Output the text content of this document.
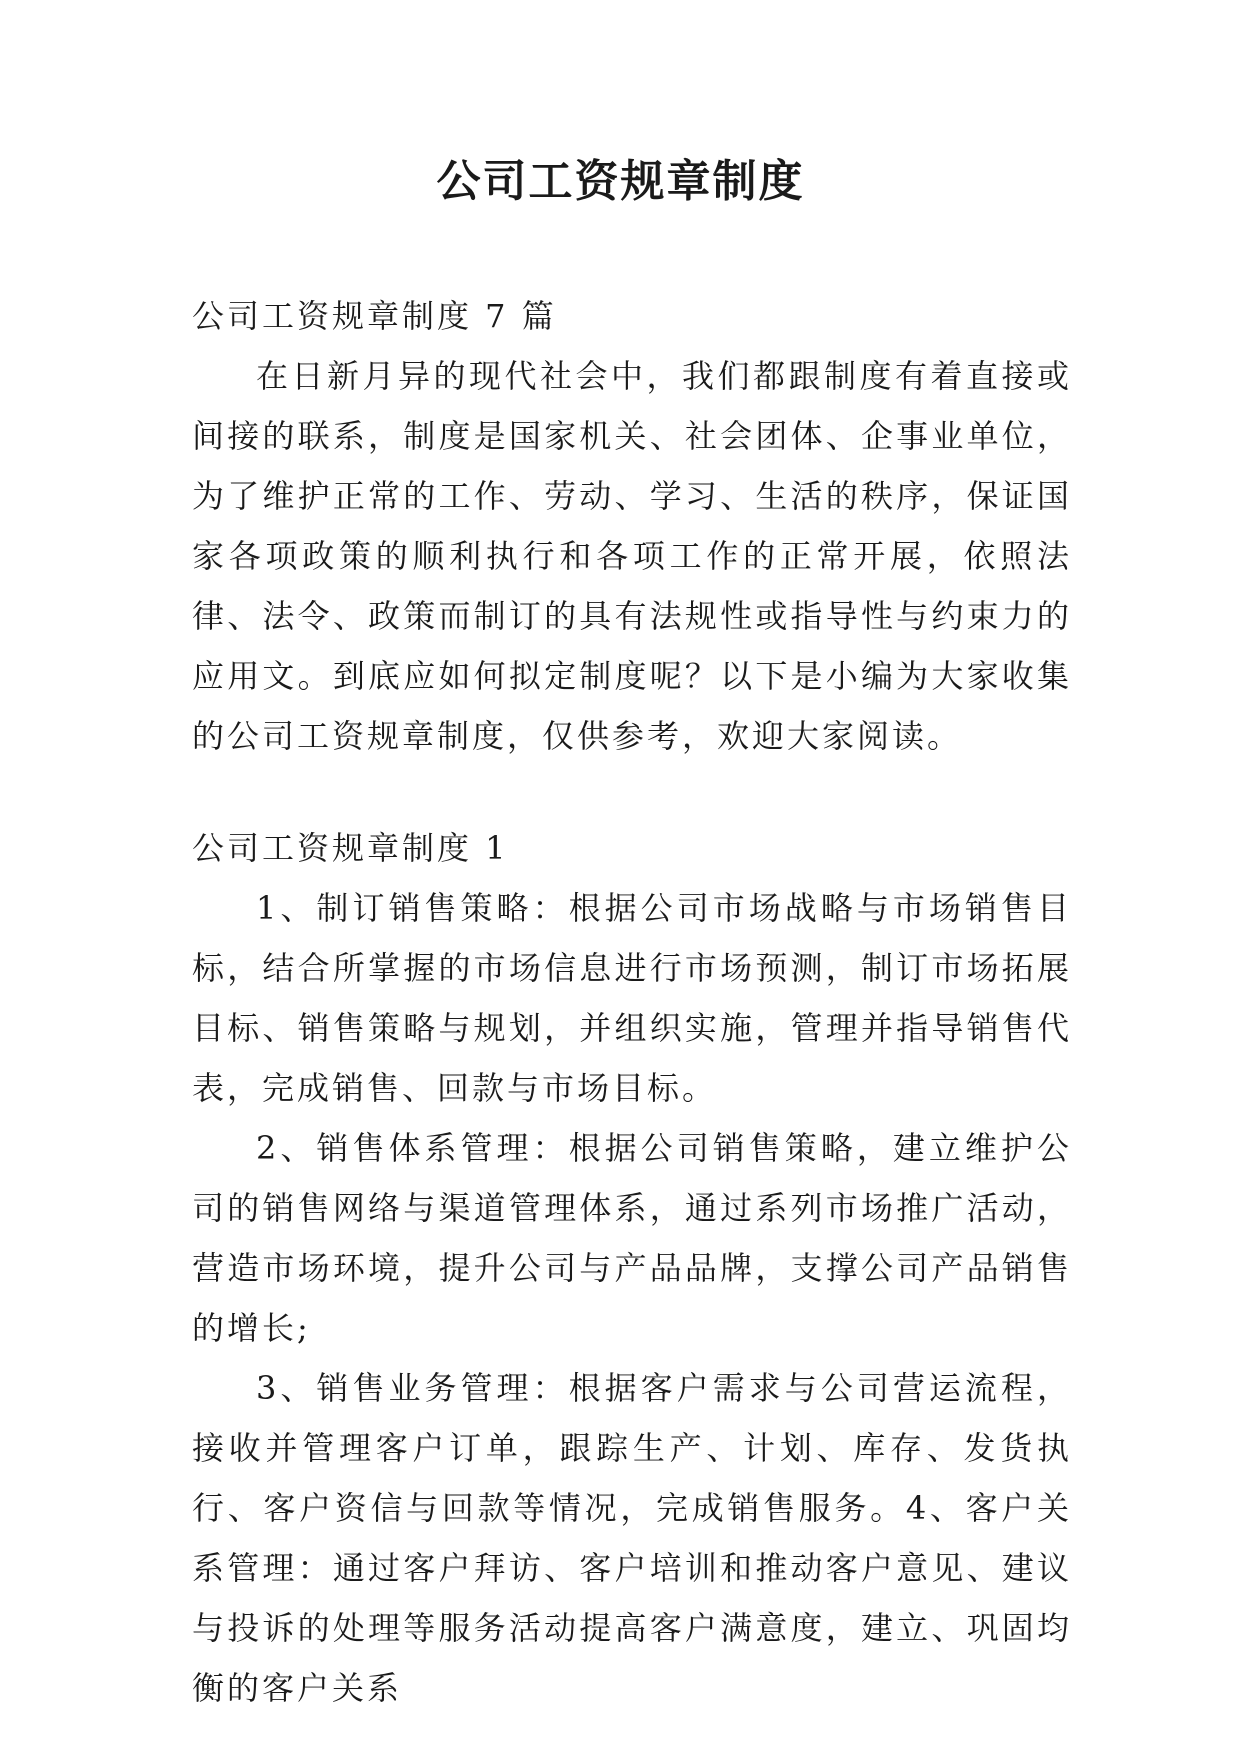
公司工资规章制度

公司工资规章制度 7 篇

在日新月异的现代社会中，我们都跟制度有着直接或间接的联系，制度是国家机关、社会团体、企事业单位，为了维护正常的工作、劳动、学习、生活的秩序，保证国家各项政策的顺利执行和各项工作的正常开展，依照法律、法令、政策而制订的具有法规性或指导性与约束力的应用文。到底应如何拟定制度呢？以下是小编为大家收集的公司工资规章制度，仅供参考，欢迎大家阅读。

公司工资规章制度 1

1、制订销售策略：根据公司市场战略与市场销售目标，结合所掌握的市场信息进行市场预测，制订市场拓展目标、销售策略与规划，并组织实施，管理并指导销售代表，完成销售、回款与市场目标。

2、销售体系管理：根据公司销售策略，建立维护公司的销售网络与渠道管理体系，通过系列市场推广活动，营造市场环境，提升公司与产品品牌，支撑公司产品销售的增长;

3、销售业务管理：根据客户需求与公司营运流程，接收并管理客户订单，跟踪生产、计划、库存、发货执行、客户资信与回款等情况，完成销售服务。4、客户关系管理：通过客户拜访、客户培训和推动客户意见、建议与投诉的处理等服务活动提高客户满意度，建立、巩固均衡的客户关系
